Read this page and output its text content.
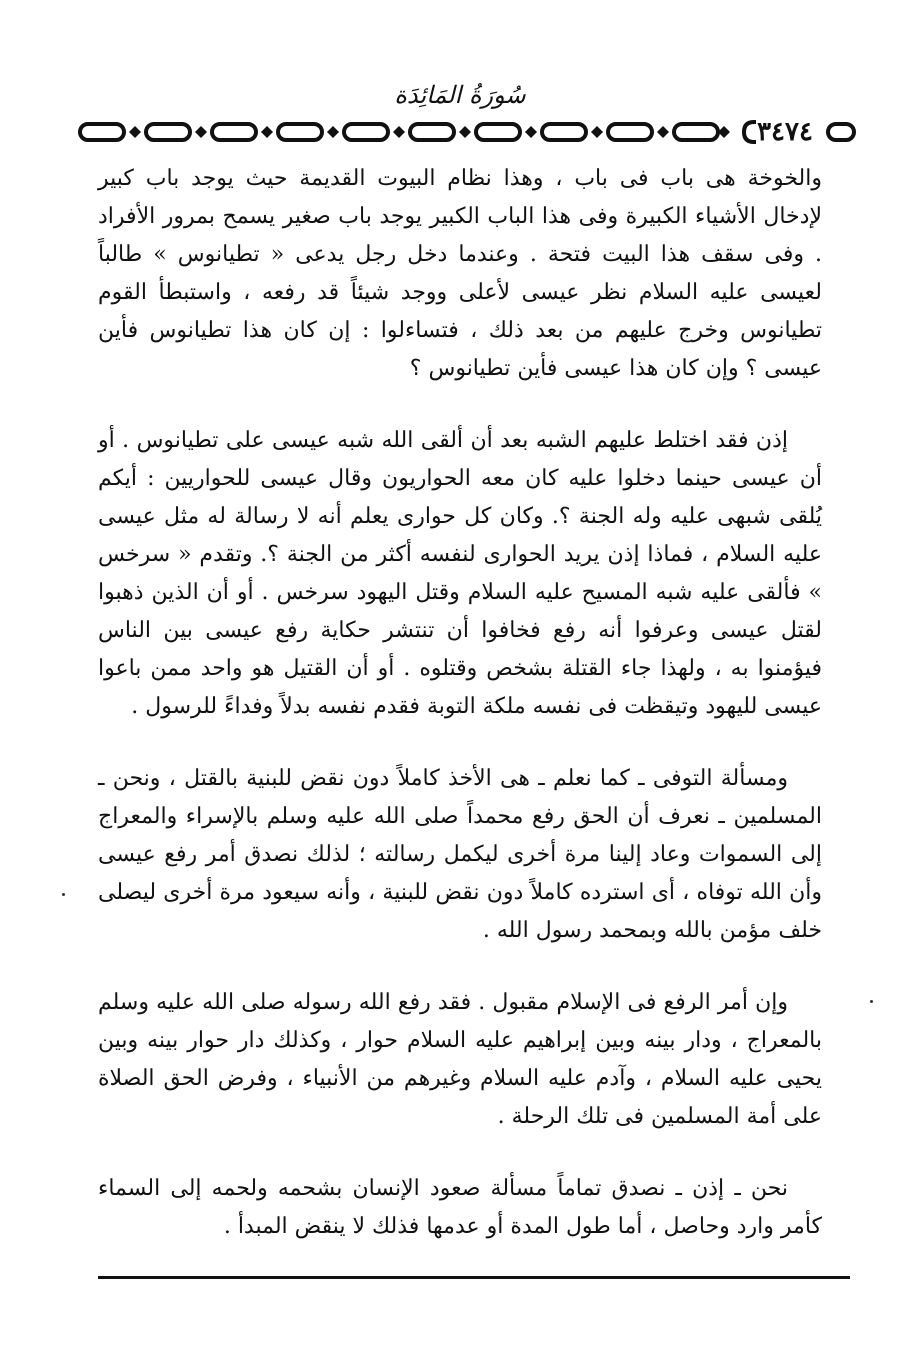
سُورَةُ المَائِدَة
٣٤٧٤

والخوخة هى باب فى باب ، وهذا نظام البيوت القديمة حيث يوجد باب كبير لإدخال الأشياء الكبيرة وفى هذا الباب الكبير يوجد باب صغير يسمح بمرور الأفراد . وفى سقف هذا البيت فتحة . وعندما دخل رجل يدعى « تطيانوس » طالباً لعيسى عليه السلام نظر عيسى لأعلى ووجد شيئاً قد رفعه ، واستبطأ القوم تطيانوس وخرج عليهم من بعد ذلك ، فتساءلوا : إن كان هذا تطيانوس فأين عيسى ؟ وإن كان هذا عيسى فأين تطيانوس ؟

إذن فقد اختلط عليهم الشبه بعد أن ألقى الله شبه عيسى على تطيانوس . أو أن عيسى حينما دخلوا عليه كان معه الحواريون وقال عيسى للحواريين : أيكم يُلقى شبهى عليه وله الجنة ؟. وكان كل حوارى يعلم أنه لا رسالة له مثل عيسى عليه السلام ، فماذا إذن يريد الحوارى لنفسه أكثر من الجنة ؟. وتقدم « سرخس » فألقى عليه شبه المسيح عليه السلام وقتل اليهود سرخس . أو أن الذين ذهبوا لقتل عيسى وعرفوا أنه رفع فخافوا أن تنتشر حكاية رفع عيسى بين الناس فيؤمنوا به ، ولهذا جاء القتلة بشخص وقتلوه . أو أن القتيل هو واحد ممن باعوا عيسى لليهود وتيقظت فى نفسه ملكة التوبة فقدم نفسه بدلاً وفداءً للرسول .

ومسألة التوفى ـ كما نعلم ـ هى الأخذ كاملاً دون نقض للبنية بالقتل ، ونحن ـ المسلمين ـ نعرف أن الحق رفع محمداً صلى الله عليه وسلم بالإسراء والمعراج إلى السموات وعاد إلينا مرة أخرى ليكمل رسالته ؛ لذلك نصدق أمر رفع عيسى وأن الله توفاه ، أى استرده كاملاً دون نقض للبنية ، وأنه سيعود مرة أخرى ليصلى خلف مؤمن بالله وبمحمد رسول الله .

وإن أمر الرفع فى الإسلام مقبول . فقد رفع الله رسوله صلى الله عليه وسلم بالمعراج ، ودار بينه وبين إبراهيم عليه السلام حوار ، وكذلك دار حوار بينه وبين يحيى عليه السلام ، وآدم عليه السلام وغيرهم من الأنبياء ، وفرض الحق الصلاة على أمة المسلمين فى تلك الرحلة .

نحن ـ إذن ـ نصدق تماماً مسألة صعود الإنسان بشحمه ولحمه إلى السماء كأمر وارد وحاصل ، أما طول المدة أو عدمها فذلك لا ينقض المبدأ .
